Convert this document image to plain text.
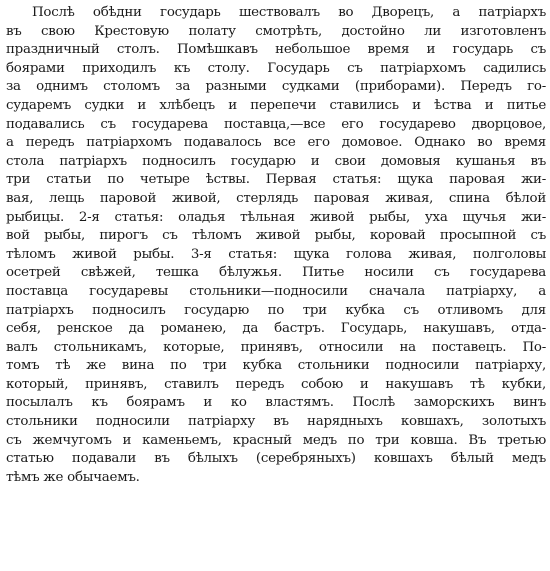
Послѣ обѣдни государь шествовалъ во Дворецъ, а патріархъ
въ свою Крестовую полату смотрѣть, достойно ли изготовленъ
праздничный столъ. Помѣшкавъ небольшое время и государь съ
боярами приходилъ къ столу. Государь съ патріархомъ садились
за однимъ столомъ за разными судками (приборами). Передъ го-
сударемъ судки и хлѣбецъ и перепечи ставились и ѣства и питье
подавались съ государева поставца,—все его государево дворцовое,
а передъ патріархомъ подавалось все его домовое. Однако во время
стола патріархъ подносилъ государю и свои домовыя кушанья въ
три статьи по четыре ѣствы. Первая статья: щука паровая жи-
вая, лещь паровой живой, стерлядь паровая живая, спина бѣлой
рыбицы. 2-я статья: оладья тѣльная живой рыбы, уха щучья жи-
вой рыбы, пирогъ съ тѣломъ живой рыбы, коровай просыпной съ
тѣломъ живой рыбы. 3-я статья: щука голова живая, полголовы
осетрей свѣжей, тешка бѣлужья. Питье носили съ государева
поставца государевы стольники—подносили сначала патріарху, а
патріархъ подносилъ государю по три кубка съ отливомъ для
себя, ренское да романею, да бастръ. Государь, накушавъ, отда-
валъ стольникамъ, которые, принявъ, относили на поставецъ. По-
томъ тѣ же вина по три кубка стольники подносили патріарху,
который, принявъ, ставилъ передъ собою и накушавъ тѣ кубки,
посылалъ къ боярамъ и ко властямъ. Послѣ заморскихъ винъ
стольники подносили патріарху въ нарядныхъ ковшахъ, золотыхъ
съ жемчугомъ и каменьемъ, красный медъ по три ковша. Въ третью
статью подавали въ бѣлыхъ (серебряныхъ) ковшахъ бѣлый медъ
тѣмъ же обычаемъ.
